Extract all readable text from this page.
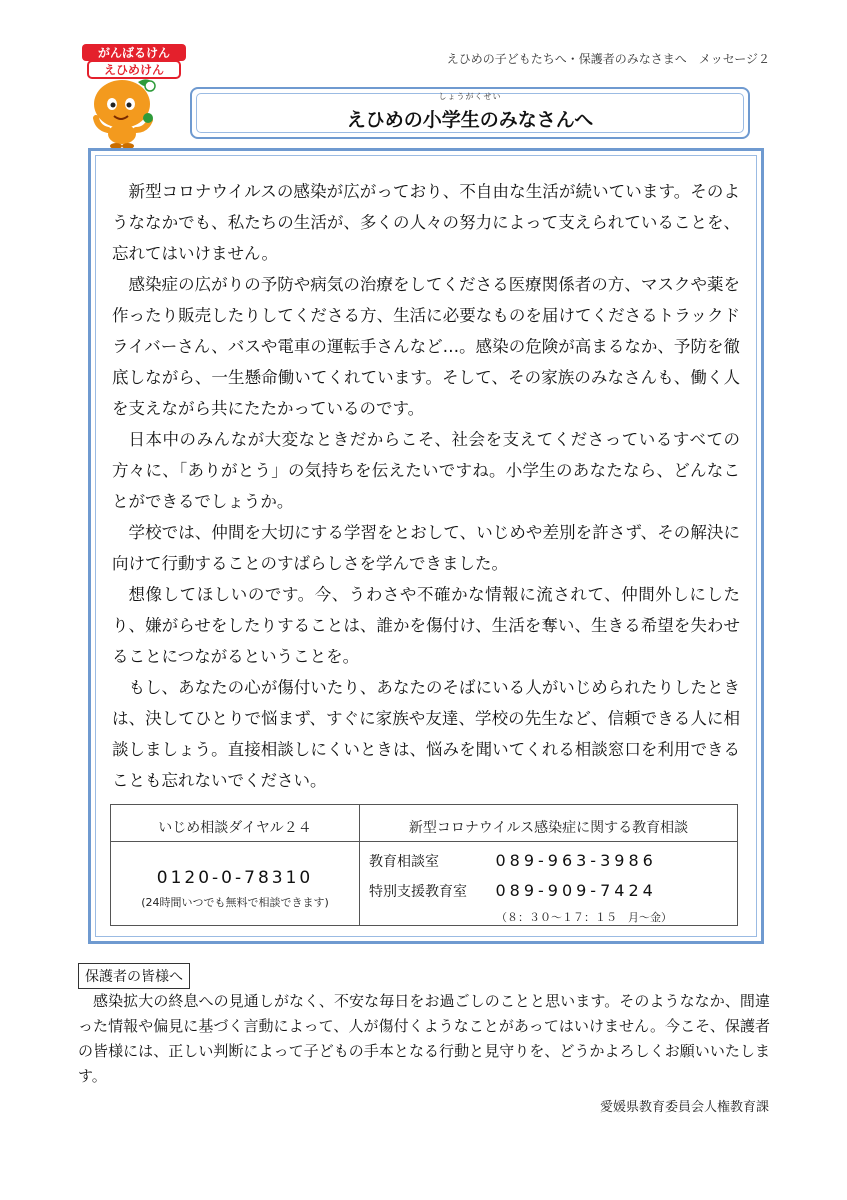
えひめの子どもたちへ・保護者のみなさまへ　メッセージ２
がんばるけん
えひめけん
しょうがくせい
えひめの小学生のみなさんへ

新型コロナウイルスの感染が広がっており、不自由な生活が続いています。そのようななかでも、私たちの生活が、多くの人々の努力によって支えられていることを、忘れてはいけません。

感染症の広がりの予防や病気の治療をしてくださる医療関係者の方、マスクや薬を作ったり販売したりしてくださる方、生活に必要なものを届けてくださるトラックドライバーさん、バスや電車の運転手さんなど…。感染の危険が高まるなか、予防を徹底しながら、一生懸命働いてくれています。そして、その家族のみなさんも、働く人を支えながら共にたたかっているのです。

日本中のみんなが大変なときだからこそ、社会を支えてくださっているすべての方々に、「ありがとう」の気持ちを伝えたいですね。小学生のあなたなら、どんなことができるでしょうか。

学校では、仲間を大切にする学習をとおして、いじめや差別を許さず、その解決に向けて行動することのすばらしさを学んできました。

想像してほしいのです。今、うわさや不確かな情報に流されて、仲間外しにしたり、嫌がらせをしたりすることは、誰かを傷付け、生活を奪い、生きる希望を失わせることにつながるということを。

もし、あなたの心が傷付いたり、あなたのそばにいる人がいじめられたりしたときは、決してひとりで悩まず、すぐに家族や友達、学校の先生など、信頼できる人に相談しましょう。直接相談しにくいときは、悩みを聞いてくれる相談窓口を利用できることも忘れないでください。

いじめ相談ダイヤル２４	新型コロナウイルス感染症に関する教育相談
0120-0-78310
(24時間いつでも無料で相談できます)
教育相談室	089-963-3986
特別支援教育室 089-909-7424
（８：３０～１７：１５　月～金）
保護者の皆様へ

感染拡大の終息への見通しがなく、不安な毎日をお過ごしのことと思います。そのようななか、間違った情報や偏見に基づく言動によって、人が傷付くようなことがあってはいけません。今こそ、保護者の皆様には、正しい判断によって子どもの手本となる行動と見守りを、どうかよろしくお願いいたします。

愛媛県教育委員会人権教育課
